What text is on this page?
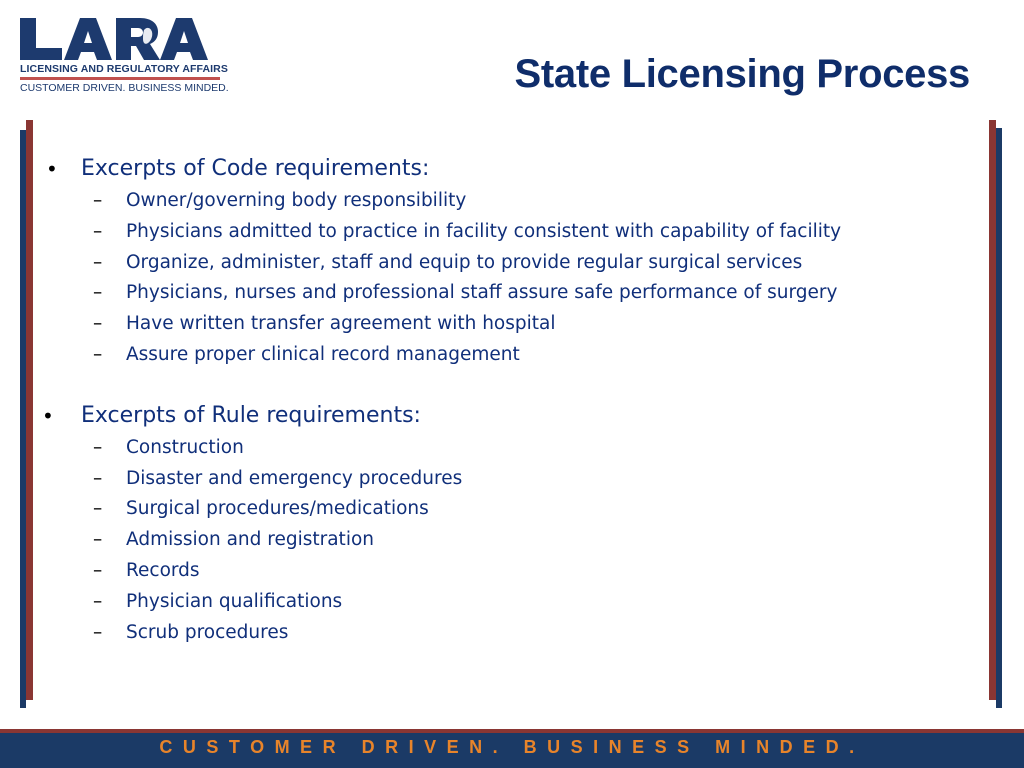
LICENSING AND REGULATORY AFFAIRS
CUSTOMER DRIVEN. BUSINESS MINDED.	State Licensing Process
• Excerpts of Code requirements:
– Owner/governing body responsibility
– Physicians admitted to practice in facility consistent with capability of facility
– Organize, administer, staff and equip to provide regular surgical services
– Physicians, nurses and professional staff assure safe performance of surgery
– Have written transfer agreement with hospital
– Assure proper clinical record management
• Excerpts of Rule requirements:
– Construction
– Disaster and emergency procedures
– Surgical procedures/medications
– Admission and registration
– Records
– Physician qualifications
– Scrub procedures
CUSTOMER DRIVEN. BUSINESS MINDED.
